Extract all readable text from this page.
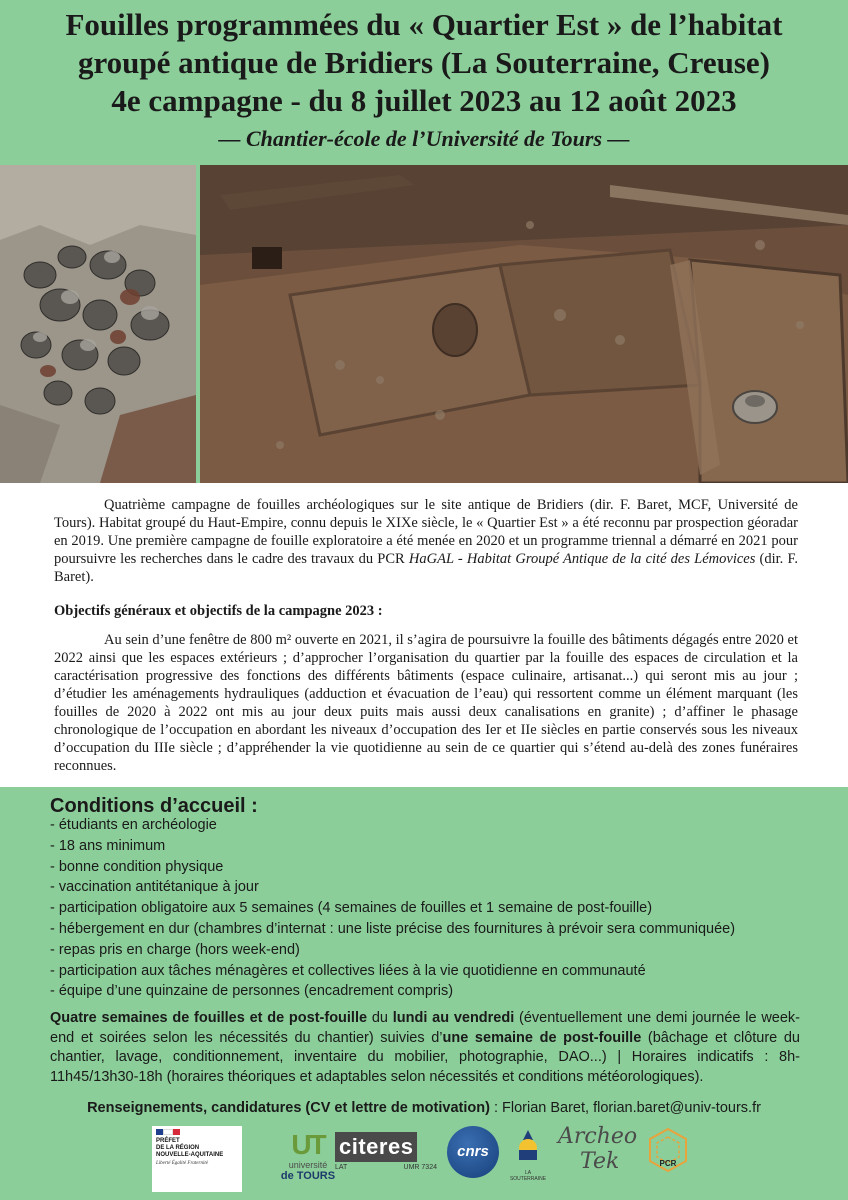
Fouilles programmées du « Quartier Est » de l’habitat
groupé antique de Bridiers (La Souterraine, Creuse)
4e campagne - du 8 juillet 2023 au 12 août 2023
— Chantier-école de l’Université de Tours —

Quatrième campagne de fouilles archéologiques sur le site antique de Bridiers (dir. F. Baret, MCF, Université de Tours). Habitat groupé du Haut-Empire, connu depuis le XIXe siècle, le « Quartier Est » a été reconnu par prospection géoradar en 2019. Une première campagne de fouille exploratoire a été menée en 2020 et un programme triennal a démarré en 2021 pour poursuivre les recherches dans le cadre des travaux du PCR HaGAL - Habitat Groupé Antique de la cité des Lémovices (dir. F. Baret).

Objectifs généraux et objectifs de la campagne 2023 :

Au sein d’une fenêtre de 800 m² ouverte en 2021, il s’agira de poursuivre la fouille des bâtiments dégagés entre 2020 et 2022 ainsi que les espaces extérieurs ; d’approcher l’organisation du quartier par la fouille des espaces de circulation et la caractérisation progressive des fonctions des différents bâtiments (espace culinaire, artisanat...) qui seront mis au jour ; d’étudier les aménagements hydrauliques (adduction et évacuation de l’eau) qui ressortent comme un élément marquant (les fouilles de 2020 à 2022 ont mis au jour deux puits mais aussi deux canalisations en granite) ; d’affiner le phasage chronologique de l’occupation en abordant les niveaux d’occupation des Ier et IIe siècles en partie conservés sous les niveaux d’occupation du IIIe siècle ; d’appréhender la vie quotidienne au sein de ce quartier qui s’étend au-delà des zones funéraires reconnues.

Conditions d’accueil :
- étudiants en archéologie
- 18 ans minimum
- bonne condition physique
- vaccination antitétanique à jour
- participation obligatoire aux 5 semaines (4 semaines de fouilles et 1 semaine de post-fouille)
- hébergement en dur (chambres d’internat : une liste précise des fournitures à prévoir sera communiquée)
- repas pris en charge (hors week-end)
- participation aux tâches ménagères et collectives liées à la vie quotidienne en communauté
- équipe d’une quinzaine de personnes (encadrement compris)

Quatre semaines de fouilles et de post-fouille du lundi au vendredi (éventuellement une demi journée le week-end et soirées selon les nécessités du chantier) suivies d’une semaine de post-fouille (bâchage et clôture du chantier, lavage, conditionnement, inventaire du mobilier, photographie, DAO...) | Horaires indicatifs : 8h-11h45/13h30-18h (horaires théoriques et adaptables selon nécessités et conditions météorologiques).

Renseignements, candidatures (CV et lettre de motivation) : Florian Baret, florian.baret@univ-tours.fr
PRÉFET
DE LA RÉGION
NOUVELLE-AQUITAINE
Liberté Égalité Fraternité
UT
université
de TOURS
citeres
LAT	UMR 7324
cnrs
LA SOUTERRAINE
Archeo
Tek	PCR
